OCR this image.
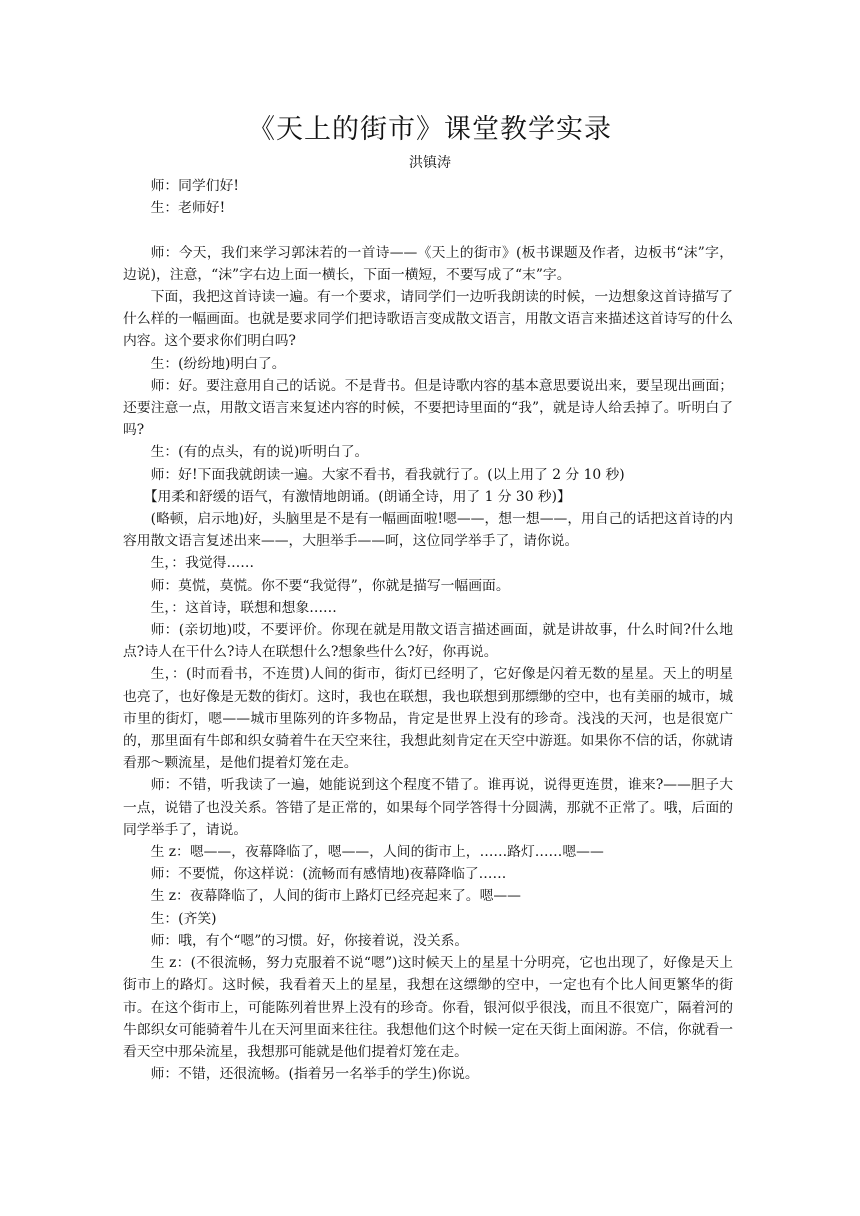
《天上的街市》课堂教学实录
洪镇涛

师：同学们好!

生：老师好!

师：今天，我们来学习郭沫若的一首诗——《天上的街市》(板书课题及作者，边板书“沫”字，边说)，注意，“沫”字右边上面一横长，下面一横短，不要写成了“末”字。

下面，我把这首诗读一遍。有一个要求，请同学们一边听我朗读的时候，一边想象这首诗描写了什么样的一幅画面。也就是要求同学们把诗歌语言变成散文语言，用散文语言来描述这首诗写的什么内容。这个要求你们明白吗?

生：(纷纷地)明白了。

师：好。要注意用自己的话说。不是背书。但是诗歌内容的基本意思要说出来，要呈现出画面；还要注意一点，用散文语言来复述内容的时候，不要把诗里面的“我”，就是诗人给丢掉了。听明白了吗?

生：(有的点头，有的说)听明白了。

师：好!下面我就朗读一遍。大家不看书，看我就行了。(以上用了 2 分 10 秒)

【用柔和舒缓的语气，有激情地朗诵。(朗诵全诗，用了 1 分 30 秒)】

(略顿，启示地)好，头脑里是不是有一幅画面啦!嗯——，想一想——，用自己的话把这首诗的内容用散文语言复述出来——，大胆举手——呵，这位同学举手了，请你说。

生，：我觉得……

师：莫慌，莫慌。你不要“我觉得”，你就是描写一幅画面。

生，：这首诗，联想和想象……

师：(亲切地)哎，不要评价。你现在就是用散文语言描述画面，就是讲故事，什么时间?什么地点?诗人在干什么?诗人在联想什么?想象些什么?好，你再说。

生，：(时而看书，不连贯)人间的街市，街灯已经明了，它好像是闪着无数的星星。天上的明星也亮了，也好像是无数的街灯。这时，我也在联想，我也联想到那缥缈的空中，也有美丽的城市，城市里的街灯，嗯——城市里陈列的许多物品，肯定是世界上没有的珍奇。浅浅的天河，也是很宽广的，那里面有牛郎和织女骑着牛在天空来往，我想此刻肯定在天空中游逛。如果你不信的话，你就请看那～颗流星，是他们提着灯笼在走。

师：不错，听我读了一遍，她能说到这个程度不错了。谁再说，说得更连贯，谁来?——胆子大一点，说错了也没关系。答错了是正常的，如果每个同学答得十分圆满，那就不正常了。哦，后面的同学举手了，请说。

生 z：嗯——，夜幕降临了，嗯——，人间的街市上，……路灯……嗯——

师：不要慌，你这样说：(流畅而有感情地)夜幕降临了……

生 z：夜幕降临了，人间的街市上路灯已经亮起来了。嗯——

生：(齐笑)

师：哦，有个“嗯”的习惯。好，你接着说，没关系。

生 z：(不很流畅，努力克服着不说“嗯”)这时候天上的星星十分明亮，它也出现了，好像是天上街市上的路灯。这时候，我看着天上的星星，我想在这缥缈的空中，一定也有个比人间更繁华的街市。在这个街市上，可能陈列着世界上没有的珍奇。你看，银河似乎很浅，而且不很宽广，隔着河的牛郎织女可能骑着牛儿在天河里面来往往。我想他们这个时候一定在天街上面闲游。不信，你就看一看天空中那朵流星，我想那可能就是他们提着灯笼在走。

师：不错，还很流畅。(指着另一名举手的学生)你说。
